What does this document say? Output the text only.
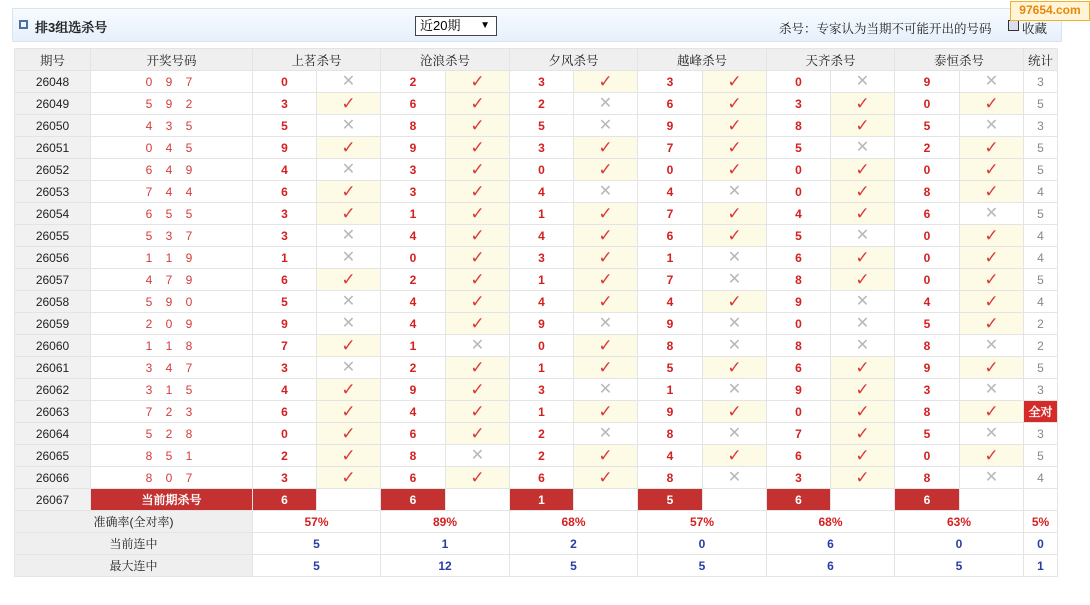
排3组选杀号	近20期 ▼	杀号：专家认为当期不可能开出的号码 收藏
97654.com
期号	开奖号码	上茗杀号		沧浪杀号		夕风杀号		越峰杀号		天齐杀号		泰恒杀号		统计
26048	0 9 7	0	✕	2	✓	3	✓	3	✓	0	✕	9	✕	3
26049	5 9 2	3	✓	6	✓	2	✕	6	✓	3	✓	0	✓	5
26050	4 3 5	5	✕	8	✓	5	✕	9	✓	8	✓	5	✕	3
26051	0 4 5	9	✓	9	✓	3	✓	7	✓	5	✕	2	✓	5
26052	6 4 9	4	✕	3	✓	0	✓	0	✓	0	✓	0	✓	5
26053	7 4 4	6	✓	3	✓	4	✕	4	✕	0	✓	8	✓	4
26054	6 5 5	3	✓	1	✓	1	✓	7	✓	4	✓	6	✕	5
26055	5 3 7	3	✕	4	✓	4	✓	6	✓	5	✕	0	✓	4
26056	1 1 9	1	✕	0	✓	3	✓	1	✕	6	✓	0	✓	4
26057	4 7 9	6	✓	2	✓	1	✓	7	✕	8	✓	0	✓	5
26058	5 9 0	5	✕	4	✓	4	✓	4	✓	9	✕	4	✓	4
26059	2 0 9	9	✕	4	✓	9	✕	9	✕	0	✕	5	✓	2
26060	1 1 8	7	✓	1	✕	0	✓	8	✕	8	✕	8	✕	2
26061	3 4 7	3	✕	2	✓	1	✓	5	✓	6	✓	9	✓	5
26062	3 1 5	4	✓	9	✓	3	✕	1	✕	9	✓	3	✕	3
26063	7 2 3	6	✓	4	✓	1	✓	9	✓	0	✓	8	✓	全对
26064	5 2 8	0	✓	6	✓	2	✕	8	✕	7	✓	5	✕	3
26065	8 5 1	2	✓	8	✕	2	✓	4	✓	6	✓	0	✓	5
26066	8 0 7	3	✓	6	✓	6	✓	8	✕	3	✓	8	✕	4
26067	当前期杀号	6		6		1		5		6		6		
准确率(全对率)		57%		89%		68%		57%		68%		63%		5%
当前连中		5		1		2		0		6		0		0
最大连中		5		12		5		5		6		5		1
